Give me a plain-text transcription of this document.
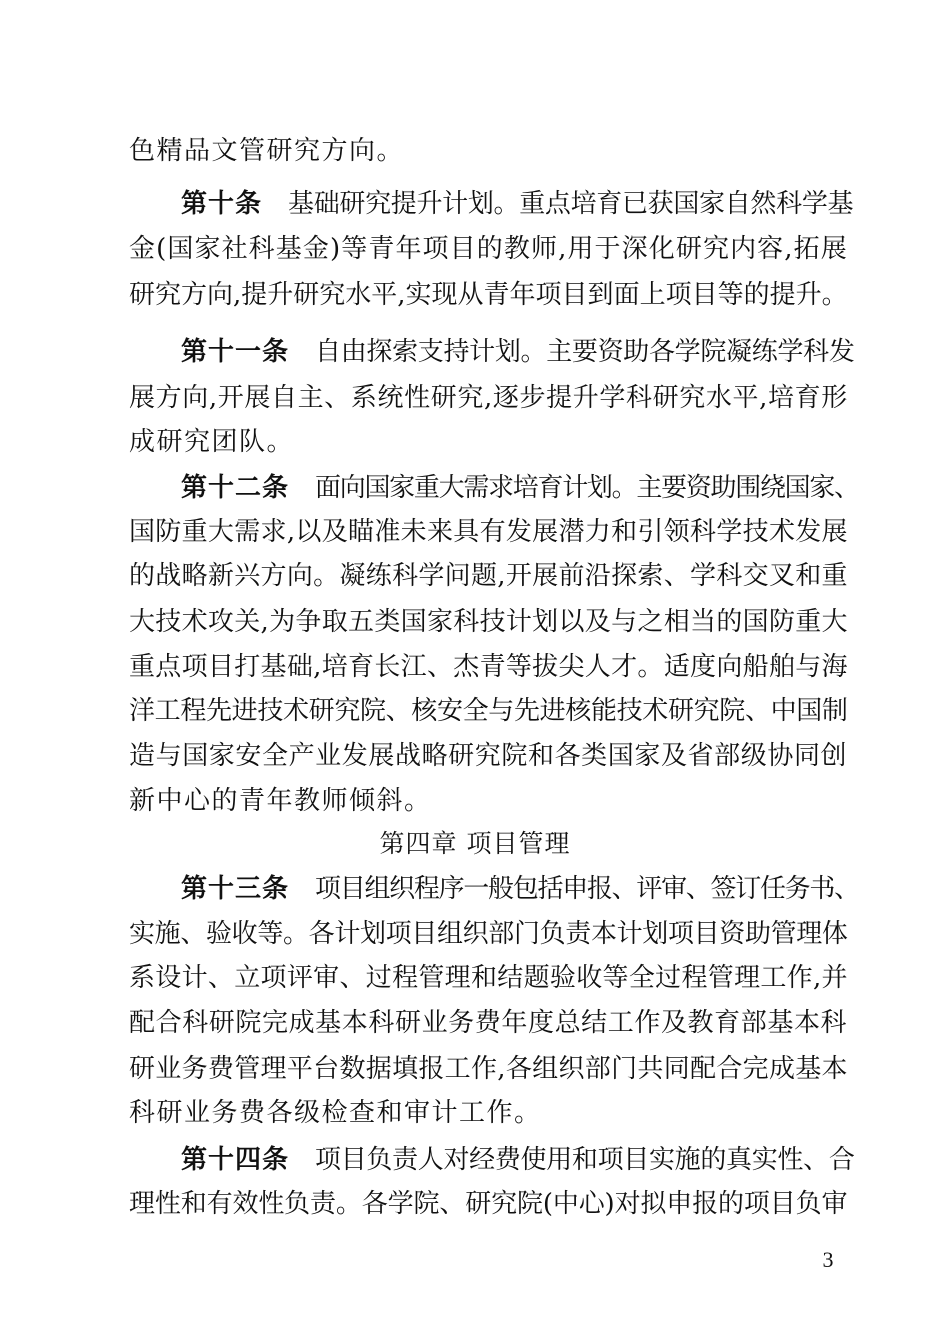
色精品文管研究方向。
第十条 基础研究提升计划。重点培育已获国家自然科学基
金(国家社科基金)等青年项目的教师,用于深化研究内容,拓展
研究方向,提升研究水平,实现从青年项目到面上项目等的提升。
第十一条 自由探索支持计划。主要资助各学院凝练学科发
展方向,开展自主、系统性研究,逐步提升学科研究水平,培育形
成研究团队。
第十二条 面向国家重大需求培育计划。主要资助围绕国家、
国防重大需求,以及瞄准未来具有发展潜力和引领科学技术发展
的战略新兴方向。凝练科学问题,开展前沿探索、学科交叉和重
大技术攻关,为争取五类国家科技计划以及与之相当的国防重大
重点项目打基础,培育长江、杰青等拔尖人才。适度向船舶与海
洋工程先进技术研究院、核安全与先进核能技术研究院、中国制
造与国家安全产业发展战略研究院和各类国家及省部级协同创
新中心的青年教师倾斜。
第四章 项目管理
第十三条 项目组织程序一般包括申报、评审、签订任务书、
实施、验收等。各计划项目组织部门负责本计划项目资助管理体
系设计、立项评审、过程管理和结题验收等全过程管理工作,并
配合科研院完成基本科研业务费年度总结工作及教育部基本科
研业务费管理平台数据填报工作,各组织部门共同配合完成基本
科研业务费各级检查和审计工作。
第十四条 项目负责人对经费使用和项目实施的真实性、合
理性和有效性负责。各学院、研究院(中心)对拟申报的项目负审
3
